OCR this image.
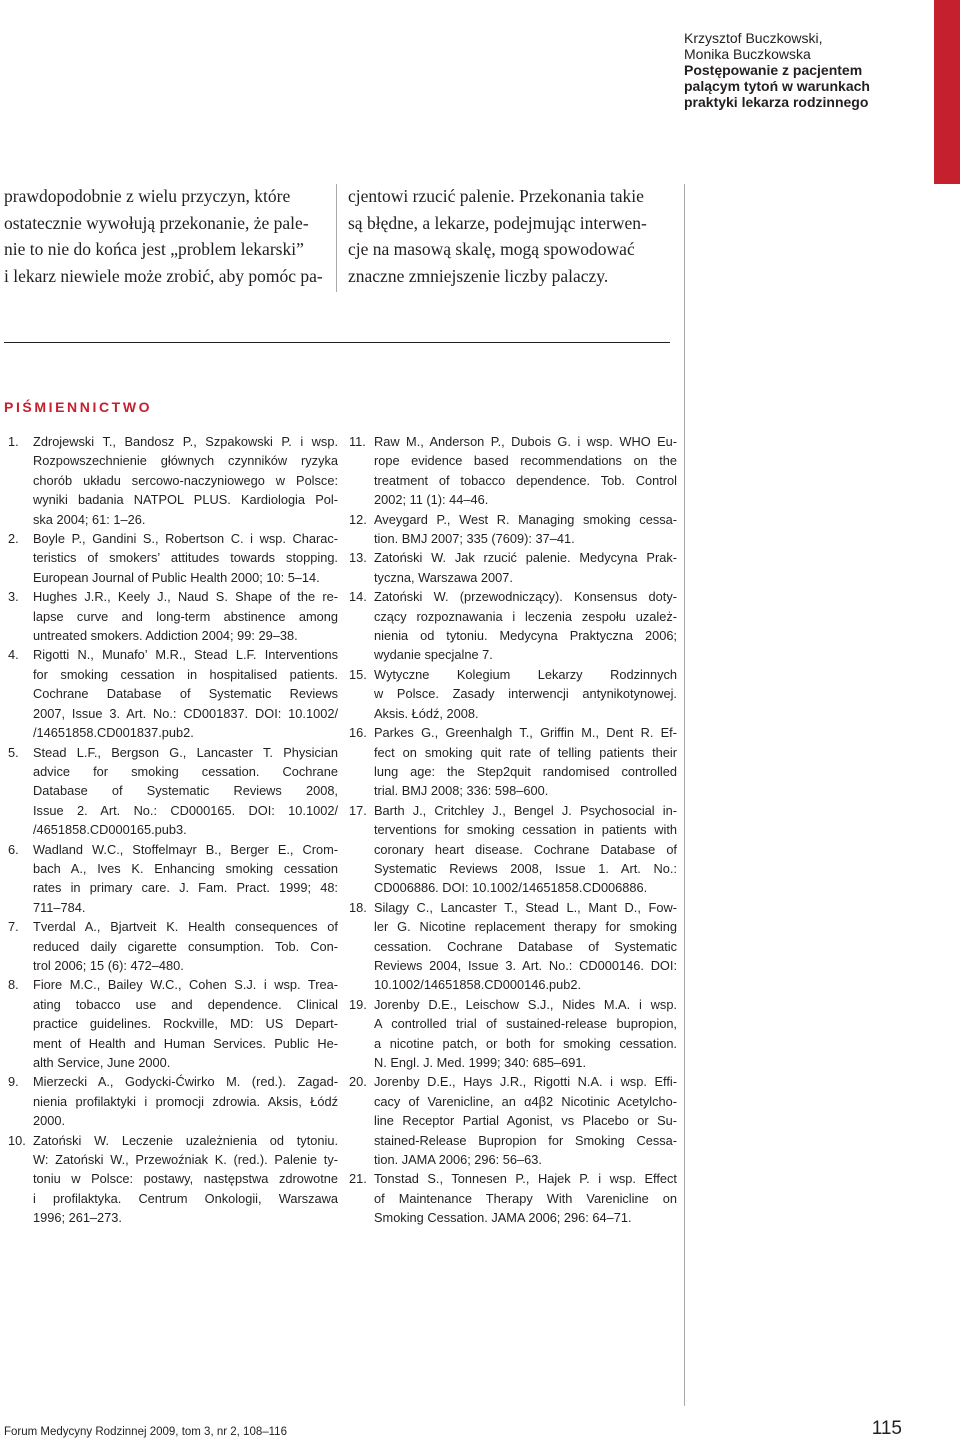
Krzysztof Buczkowski,
Monika Buczkowska
Postępowanie z pacjentem
palącym tytoń w warunkach
praktyki lekarza rodzinnego
prawdopodobnie z wielu przyczyn, które
ostatecznie wywołują przekonanie, że pale-
nie to nie do końca jest „problem lekarski”
i lekarz niewiele może zrobić, aby pomóc pa-
cjentowi rzucić palenie. Przekonania takie
są błędne, a lekarze, podejmując interwen-
cje na masową skalę, mogą spowodować
znaczne zmniejszenie liczby palaczy.
PIŚMIENNICTWO
1. Zdrojewski T., Bandosz P., Szpakowski P. i wsp.
Rozpowszechnienie głównych czynników ryzyka
chorób układu sercowo-naczyniowego w Polsce:
wyniki badania NATPOL PLUS. Kardiologia Pol-
ska 2004; 61: 1–26.
2. Boyle P., Gandini S., Robertson C. i wsp. Charac-
teristics of smokers’ attitudes towards stopping.
European Journal of Public Health 2000; 10: 5–14.
3. Hughes J.R., Keely J., Naud S. Shape of the re-
lapse curve and long-term abstinence among
untreated smokers. Addiction 2004; 99: 29–38.
4. Rigotti N., Munafo’ M.R., Stead L.F. Interventions
for smoking cessation in hospitalised patients.
Cochrane Database of Systematic Reviews
2007, Issue 3. Art. No.: CD001837. DOI: 10.1002/
/14651858.CD001837.pub2.
5. Stead L.F., Bergson G., Lancaster T. Physician
advice for smoking cessation. Cochrane
Database of Systematic Reviews 2008,
Issue 2. Art. No.: CD000165. DOI: 10.1002/
/4651858.CD000165.pub3.
6. Wadland W.C., Stoffelmayr B., Berger E., Crom-
bach A., Ives K. Enhancing smoking cessation
rates in primary care. J. Fam. Pract. 1999; 48:
711–784.
7. Tverdal A., Bjartveit K. Health consequences of
reduced daily cigarette consumption. Tob. Con-
trol 2006; 15 (6): 472–480.
8. Fiore M.C., Bailey W.C., Cohen S.J. i wsp. Trea-
ating tobacco use and dependence. Clinical
practice guidelines. Rockville, MD: US Depart-
ment of Health and Human Services. Public He-
alth Service, June 2000.
9. Mierzecki A., Godycki-Ćwirko M. (red.). Zagad-
nienia profilaktyki i promocji zdrowia. Aksis, Łódź
2000.
10. Zatoński W. Leczenie uzależnienia od tytoniu.
W: Zatoński W., Przewoźniak K. (red.). Palenie ty-
toniu w Polsce: postawy, następstwa zdrowotne
i profilaktyka. Centrum Onkologii, Warszawa
1996; 261–273.
11. Raw M., Anderson P., Dubois G. i wsp. WHO Eu-
rope evidence based recommendations on the
treatment of tobacco dependence. Tob. Control
2002; 11 (1): 44–46.
12. Aveygard P., West R. Managing smoking cessa-
tion. BMJ 2007; 335 (7609): 37–41.
13. Zatoński W. Jak rzucić palenie. Medycyna Prak-
tyczna, Warszawa 2007.
14. Zatoński W. (przewodniczący). Konsensus doty-
czący rozpoznawania i leczenia zespołu uzależ-
nienia od tytoniu. Medycyna Praktyczna 2006;
wydanie specjalne 7.
15. Wytyczne Kolegium Lekarzy Rodzinnych
w Polsce. Zasady interwencji antynikotynowej.
Aksis. Łódź, 2008.
16. Parkes G., Greenhalgh T., Griffin M., Dent R. Ef-
fect on smoking quit rate of telling patients their
lung age: the Step2quit randomised controlled
trial. BMJ 2008; 336: 598–600.
17. Barth J., Critchley J., Bengel J. Psychosocial in-
terventions for smoking cessation in patients with
coronary heart disease. Cochrane Database of
Systematic Reviews 2008, Issue 1. Art. No.:
CD006886. DOI: 10.1002/14651858.CD006886.
18. Silagy C., Lancaster T., Stead L., Mant D., Fow-
ler G. Nicotine replacement therapy for smoking
cessation. Cochrane Database of Systematic
Reviews 2004, Issue 3. Art. No.: CD000146. DOI:
10.1002/14651858.CD000146.pub2.
19. Jorenby D.E., Leischow S.J., Nides M.A. i wsp.
A controlled trial of sustained-release bupropion,
a nicotine patch, or both for smoking cessation.
N. Engl. J. Med. 1999; 340: 685–691.
20. Jorenby D.E., Hays J.R., Rigotti N.A. i wsp. Effi-
cacy of Varenicline, an α4β2 Nicotinic Acetylcho-
line Receptor Partial Agonist, vs Placebo or Su-
stained-Release Bupropion for Smoking Cessa-
tion. JAMA 2006; 296: 56–63.
21. Tonstad S., Tonnesen P., Hajek P. i wsp. Effect
of Maintenance Therapy With Varenicline on
Smoking Cessation. JAMA 2006; 296: 64–71.
Forum Medycyny Rodzinnej 2009, tom 3, nr 2, 108–116	115
